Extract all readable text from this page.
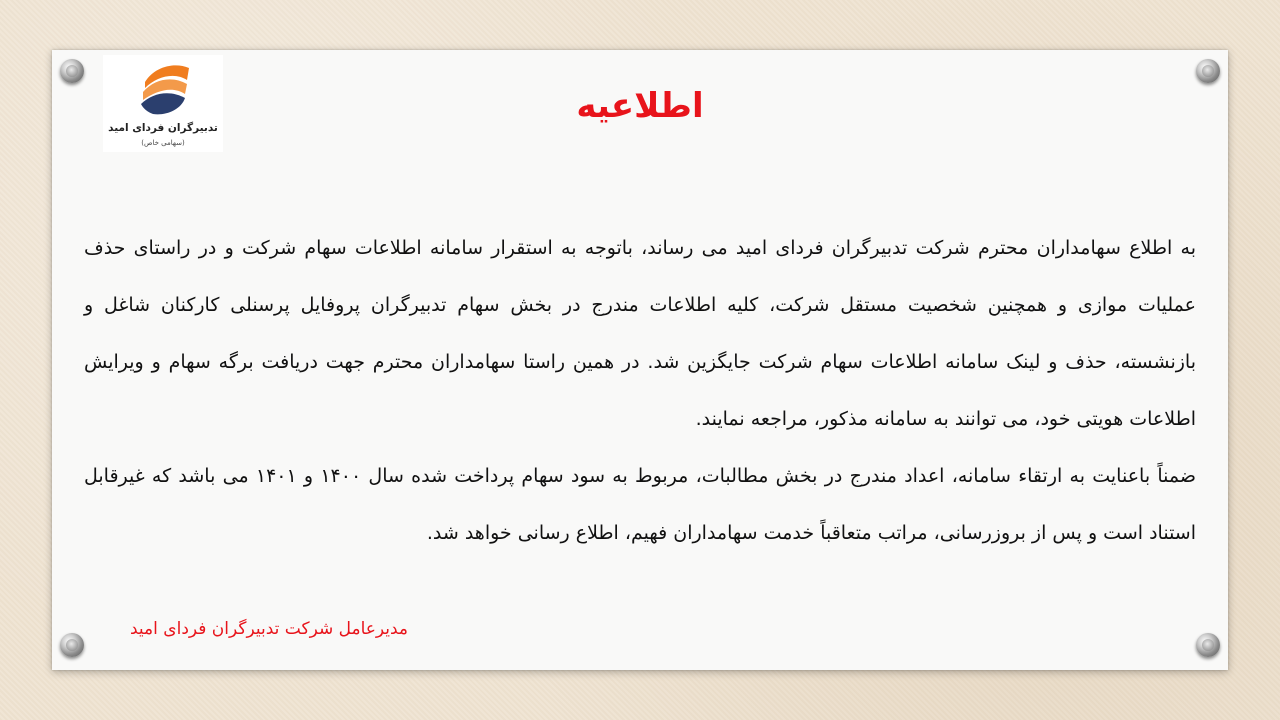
تدبیرگران فردای امید
(سهامی خاص)
اطلاعیه

به اطلاع سهامداران محترم شرکت تدبیرگران فردای امید می رساند، باتوجه به استقرار سامانه اطلاعات سهام شرکت و در راستای حذف عملیات موازی و همچنین شخصیت مستقل شرکت، کلیه اطلاعات مندرج در بخش سهام تدبیرگران پروفایل پرسنلی کارکنان شاغل و بازنشسته، حذف و لینک سامانه اطلاعات سهام شرکت جایگزین شد. در همین راستا سهامداران محترم جهت دریافت برگه سهام و ویرایش اطلاعات هویتی خود، می توانند به سامانه مذکور، مراجعه نمایند.

ضمناً باعنایت به ارتقاء سامانه، اعداد مندرج در بخش مطالبات، مربوط به سود سهام پرداخت شده سال ۱۴۰۰ و ۱۴۰۱ می باشد که غیرقابل استناد است و پس از بروزرسانی، مراتب متعاقباً خدمت سهامداران فهیم، اطلاع رسانی خواهد شد.

مدیرعامل شرکت تدبیرگران فردای امید
